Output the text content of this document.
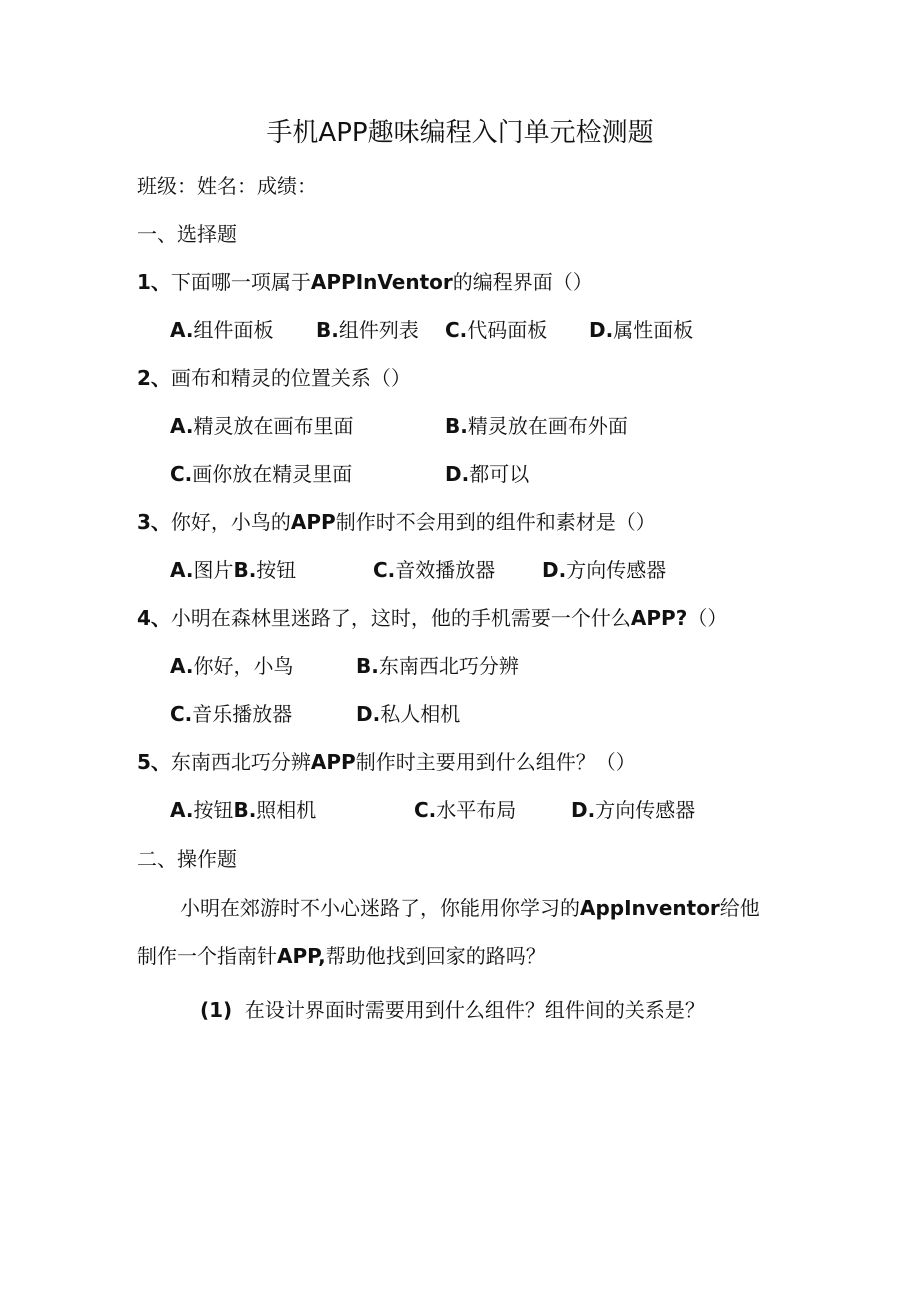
手机APP趣味编程入门单元检测题
班级：姓名：成绩：
一、选择题
1、下面哪一项属于APPInVentor的编程界面（）
A.组件面板 B.组件列表 C.代码面板 D.属性面板
2、画布和精灵的位置关系（）
A.精灵放在画布里面	B.精灵放在画布外面
C.画你放在精灵里面	D.都可以
3、你好，小鸟的APP制作时不会用到的组件和素材是（）
A.图片B.按钮	C.音效播放器 D.方向传感器
4、小明在森林里迷路了，这时，他的手机需要一个什么APP?（）
A.你好，小鸟	B.东南西北巧分辨
C.音乐播放器	D.私人相机
5、东南西北巧分辨APP制作时主要用到什么组件？（）
A.按钮B.照相机	C.水平布局	D.方向传感器
二、操作题
小明在郊游时不小心迷路了，你能用你学习的AppInventor给他
制作一个指南针APP,帮助他找到回家的路吗？
(1) 在设计界面时需要用到什么组件？组件间的关系是？
